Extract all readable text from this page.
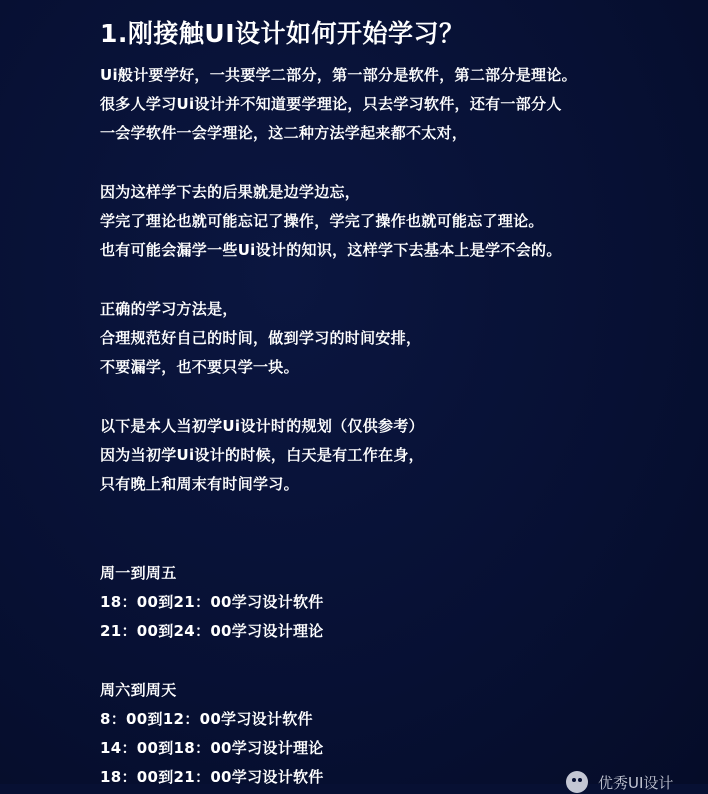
1.刚接触UI设计如何开始学习？
Ui般计要学好，一共要学二部分，第一部分是软件，第二部分是理论。
很多人学习Ui设计并不知道要学理论，只去学习软件，还有一部分人
一会学软件一会学理论，这二种方法学起来都不太对，
因为这样学下去的后果就是边学边忘，
学完了理论也就可能忘记了操作，学完了操作也就可能忘了理论。
也有可能会漏学一些Ui设计的知识，这样学下去基本上是学不会的。
正确的学习方法是，
合理规范好自己的时间，做到学习的时间安排，
不要漏学，也不要只学一块。
以下是本人当初学Ui设计时的规划（仅供参考）
因为当初学Ui设计的时候，白天是有工作在身，
只有晚上和周末有时间学习。
周一到周五
18：00到21：00学习设计软件
21：00到24：00学习设计理论
周六到周天
8：00到12：00学习设计软件
14：00到18：00学习设计理论
18：00到21：00学习设计软件	优秀UI设计
